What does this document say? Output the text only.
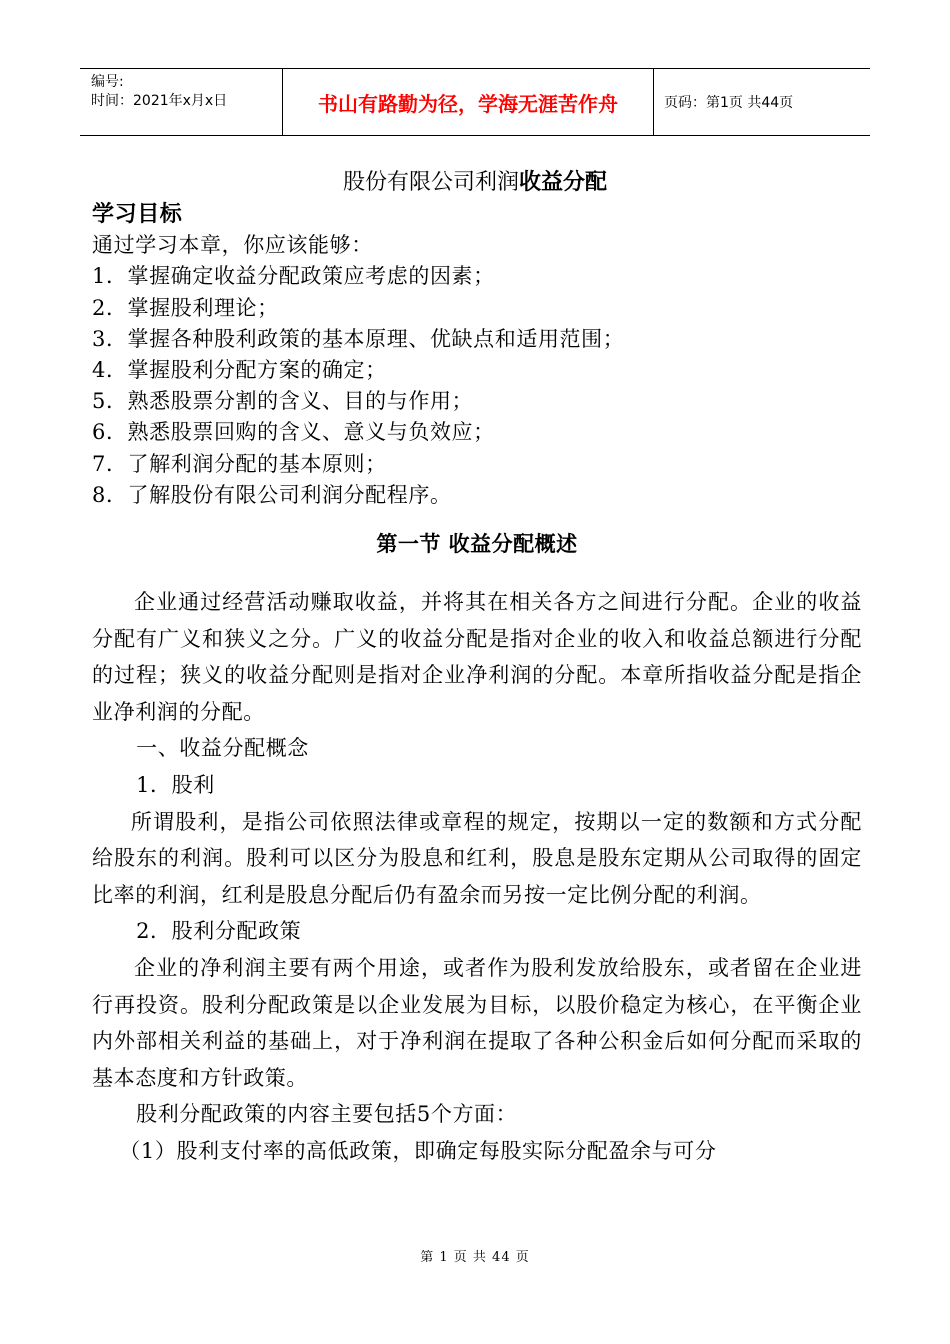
编号:
时间：2021年x月x日	书山有路勤为径，学海无涯苦作舟	页码：第1页 共44页
股份有限公司利润收益分配
学习目标
通过学习本章，你应该能够：
1．掌握确定收益分配政策应考虑的因素；
2．掌握股利理论；
3．掌握各种股利政策的基本原理、优缺点和适用范围；
4．掌握股利分配方案的确定；
5．熟悉股票分割的含义、目的与作用；
6．熟悉股票回购的含义、意义与负效应；
7．了解利润分配的基本原则；
8．了解股份有限公司利润分配程序。
第一节 收益分配概述
企业通过经营活动赚取收益，并将其在相关各方之间进行分配。企业的收益分配有广义和狭义之分。广义的收益分配是指对企业的收入和收益总额进行分配的过程；狭义的收益分配则是指对企业净利润的分配。本章所指收益分配是指企业净利润的分配。
一、收益分配概念
1．股利
所谓股利，是指公司依照法律或章程的规定，按期以一定的数额和方式分配给股东的利润。股利可以区分为股息和红利，股息是股东定期从公司取得的固定比率的利润，红利是股息分配后仍有盈余而另按一定比例分配的利润。
2．股利分配政策
企业的净利润主要有两个用途，或者作为股利发放给股东，或者留在企业进行再投资。股利分配政策是以企业发展为目标，以股价稳定为核心，在平衡企业内外部相关利益的基础上，对于净利润在提取了各种公积金后如何分配而采取的基本态度和方针政策。
股利分配政策的内容主要包括5个方面：
（1）股利支付率的高低政策，即确定每股实际分配盈余与可分
第 1 页 共 44 页
